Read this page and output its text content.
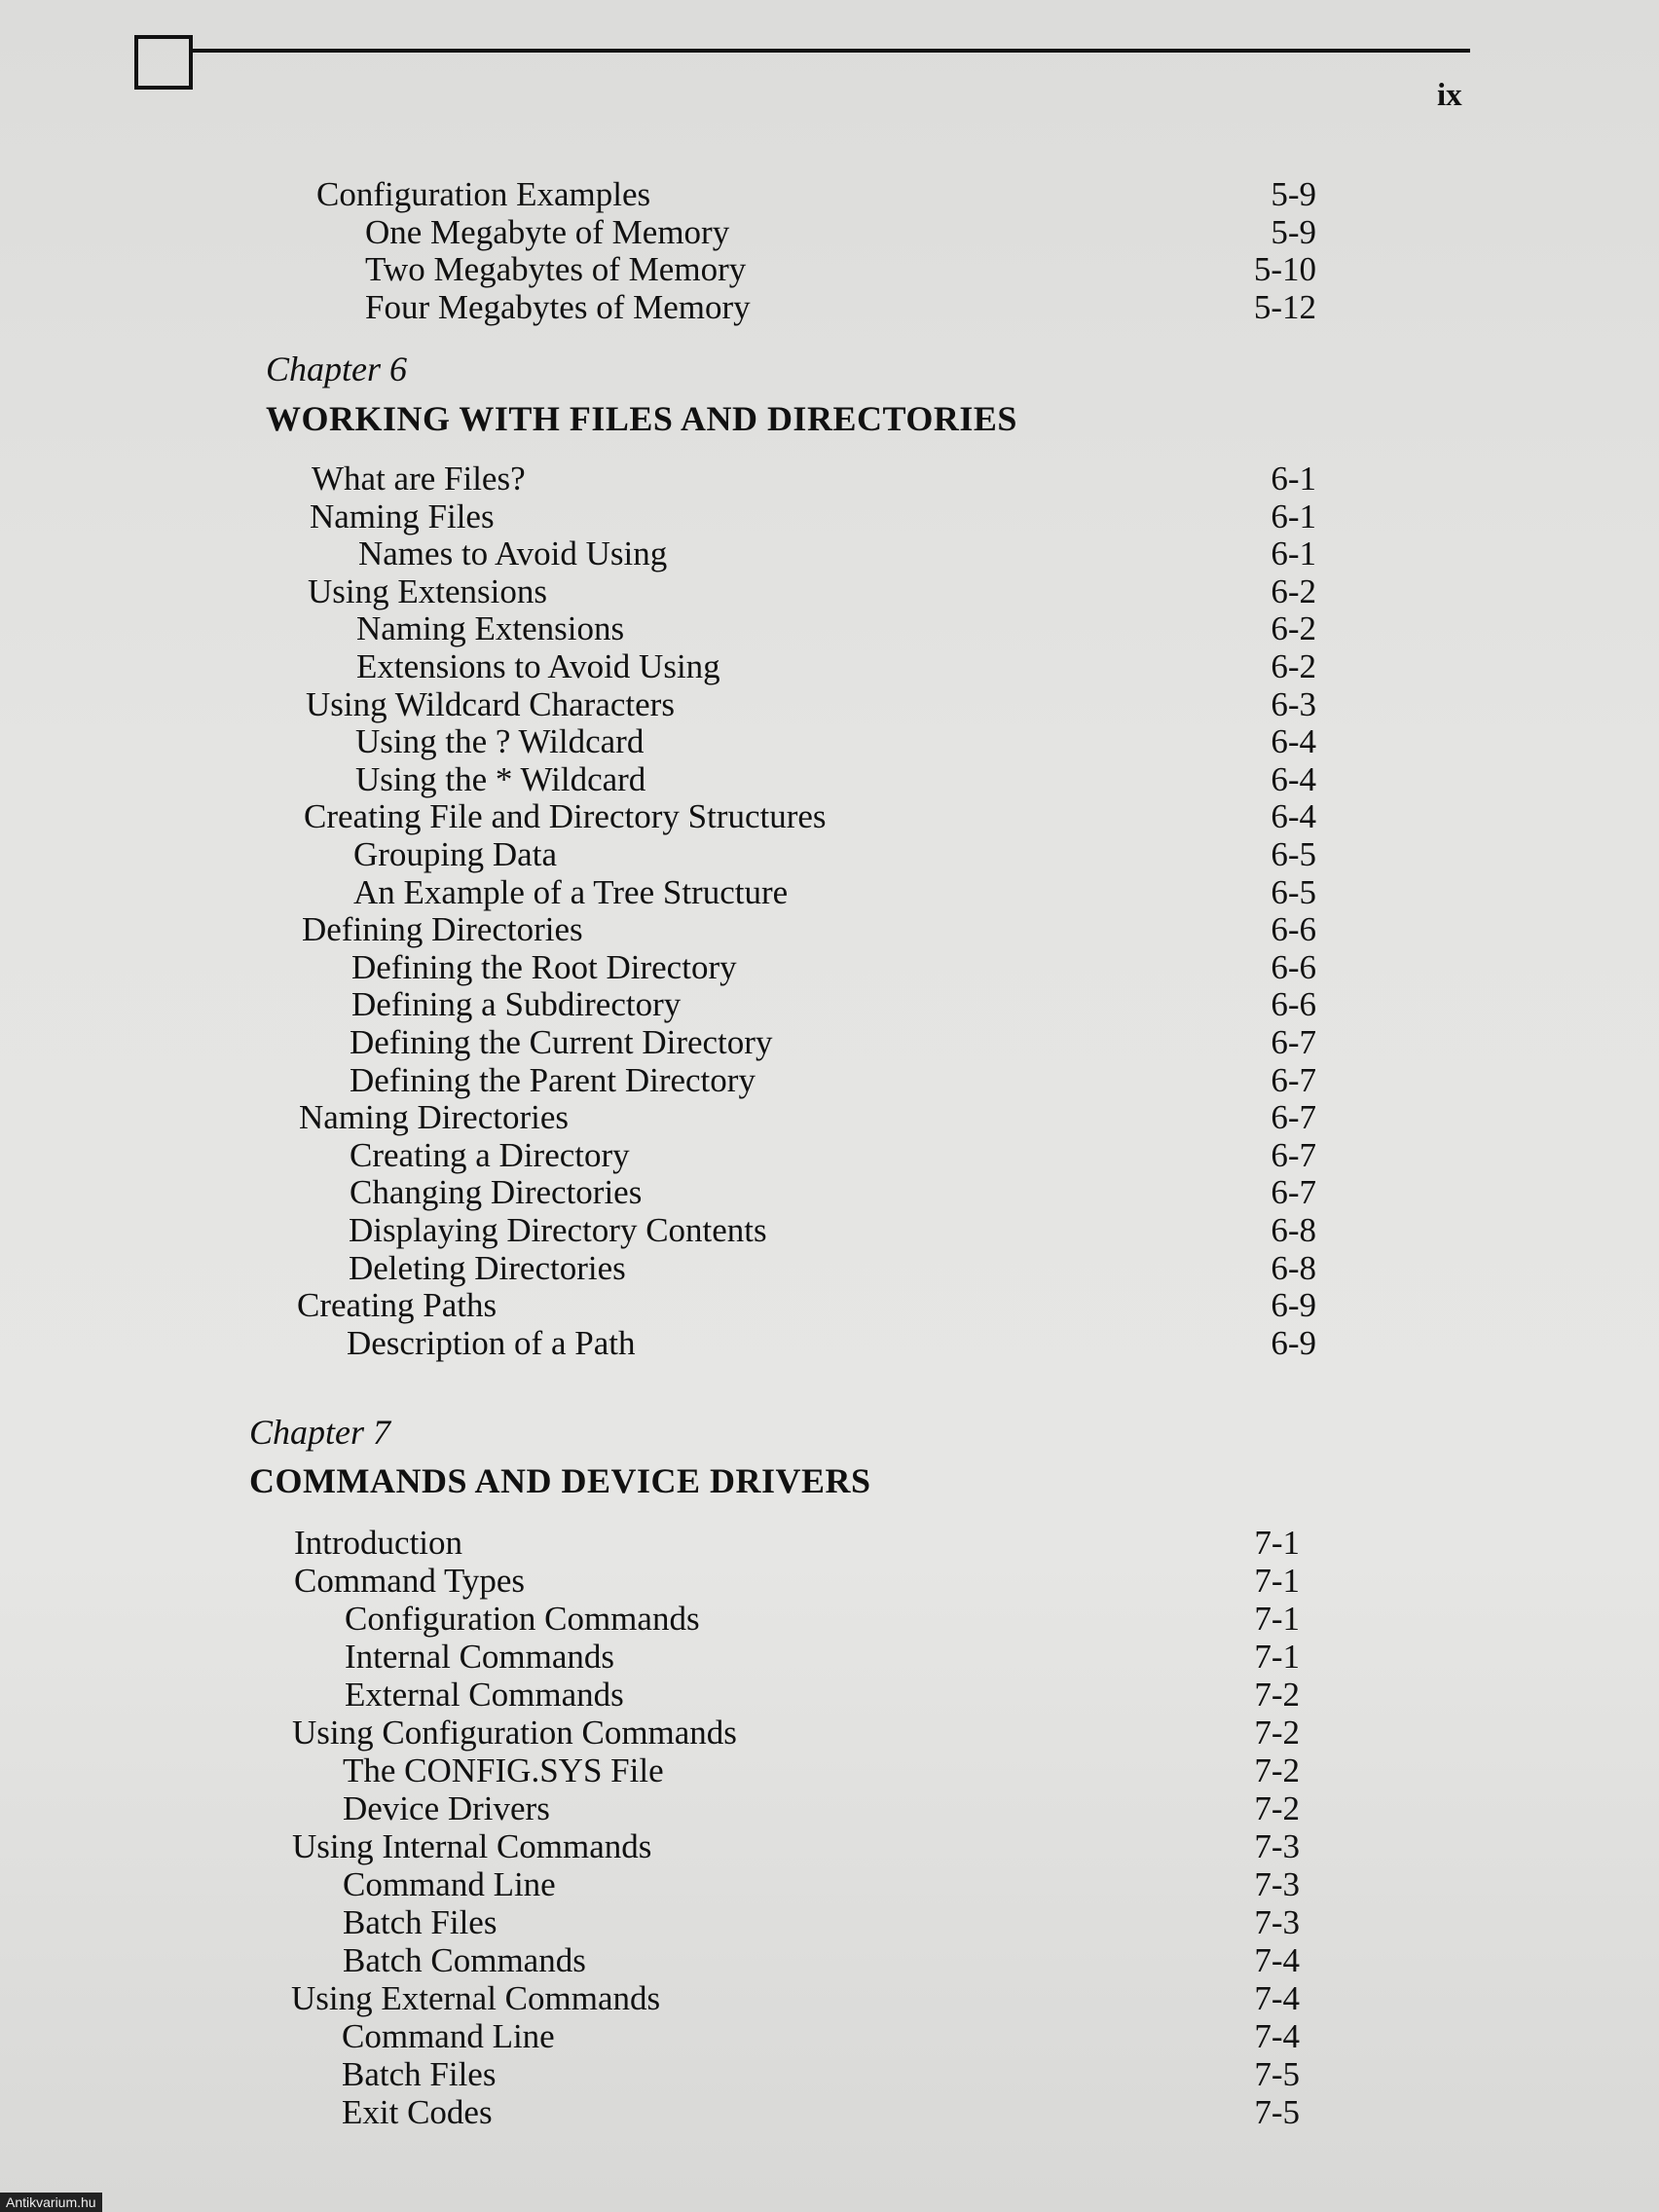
ix
Configuration Examples	5-9
One Megabyte of Memory	5-9
Two Megabytes of Memory	5-10
Four Megabytes of Memory	5-12
Chapter 6
WORKING WITH FILES AND DIRECTORIES
What are Files?	6-1
Naming Files	6-1
Names to Avoid Using	6-1
Using Extensions	6-2
Naming Extensions	6-2
Extensions to Avoid Using	6-2
Using Wildcard Characters	6-3
Using the ? Wildcard	6-4
Using the * Wildcard	6-4
Creating File and Directory Structures	6-4
Grouping Data	6-5
An Example of a Tree Structure	6-5
Defining Directories	6-6
Defining the Root Directory	6-6
Defining a Subdirectory	6-6
Defining the Current Directory	6-7
Defining the Parent Directory	6-7
Naming Directories	6-7
Creating a Directory	6-7
Changing Directories	6-7
Displaying Directory Contents	6-8
Deleting Directories	6-8
Creating Paths	6-9
Description of a Path	6-9
Chapter 7
COMMANDS AND DEVICE DRIVERS
Introduction	7-1
Command Types	7-1
Configuration Commands	7-1
Internal Commands	7-1
External Commands	7-2
Using Configuration Commands	7-2
The CONFIG.SYS File	7-2
Device Drivers	7-2
Using Internal Commands	7-3
Command Line	7-3
Batch Files	7-3
Batch Commands	7-4
Using External Commands	7-4
Command Line	7-4
Batch Files	7-5
Exit Codes	7-5
Antikvarium.hu
